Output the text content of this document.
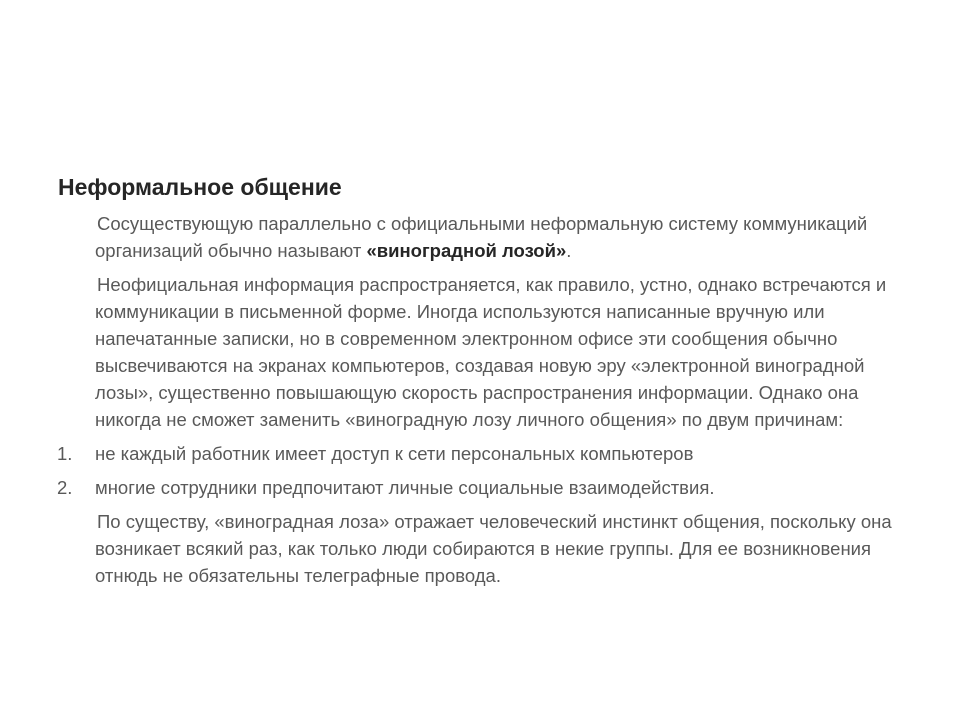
Неформальное общение

Сосуществующую параллельно с официальными неформальную систему коммуникаций организаций обычно называют «виноградной лозой».

Неофициальная информация распространяется, как правило, устно, однако встречаются и коммуникации в письменной форме. Иногда используются написанные вручную или напечатанные записки, но в современном электронном офисе эти сообщения обычно высвечиваются на экранах компьютеров, создавая новую эру «электронной виноградной лозы», существенно повышающую скорость распространения информации. Однако она никогда не сможет заменить «виноградную лозу личного общения» по двум причинам:

1.	не каждый работник имеет доступ к сети персональных компьютеров
2.	многие сотрудники предпочитают личные социальные взаимодействия.

По существу, «виноградная лоза» отражает человеческий инстинкт общения, поскольку она возникает всякий раз, как только люди собираются в некие группы. Для ее возникновения отнюдь не обязательны телеграфные провода.
